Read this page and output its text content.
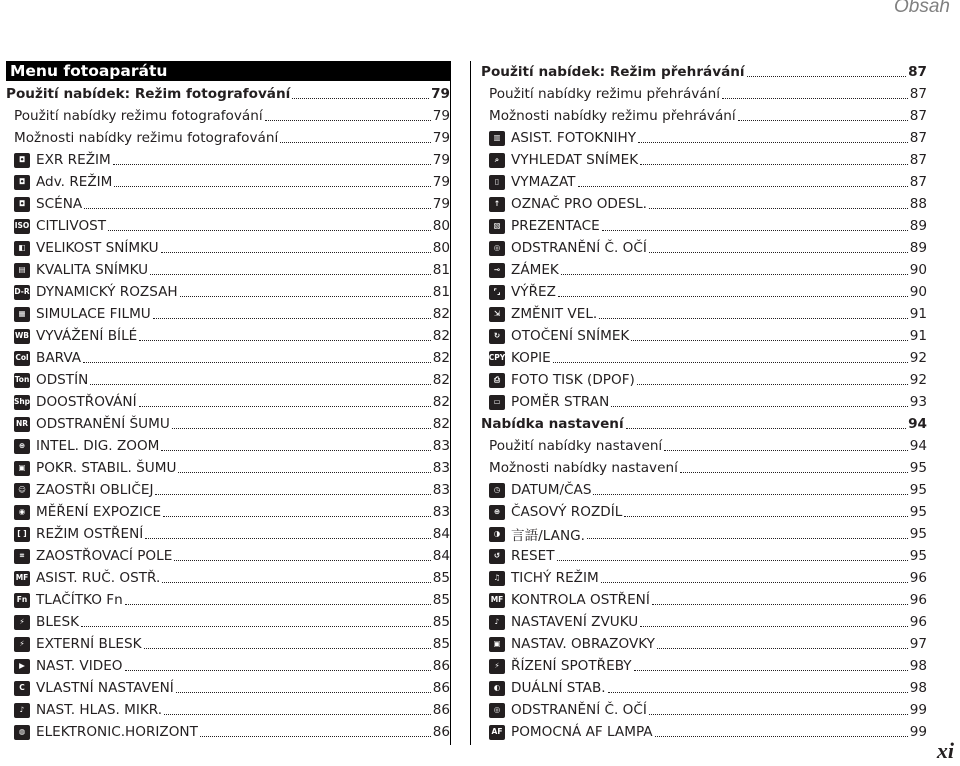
Obsah
Menu fotoaparátu
Použití nabídek: Režim fotografování	79
Použití nabídky režimu fotografování	79
Možnosti nabídky režimu fotografování	79
◘ EXR REŽIM	79
◘ Adv. REŽIM	79
◘ SCÉNA	79
ISO CITLIVOST	80
◧ VELIKOST SNÍMKU	80
▤ KVALITA SNÍMKU	81
D-R DYNAMICKÝ ROZSAH	81
▦ SIMULACE FILMU	82
WB VYVÁŽENÍ BÍLÉ	82
Col BARVA	82
Ton ODSTÍN	82
Shp DOOSTŘOVÁNÍ	82
NR ODSTRANĚNÍ ŠUMU	82
⊕ INTEL. DIG. ZOOM	83
▣ POKR. STABIL. ŠUMU	83
☺ ZAOSTŘI OBLIČEJ	83
◉ MĚŘENÍ EXPOZICE	83
[ ] REŽIM OSTŘENÍ	84
⌗ ZAOSTŘOVACÍ POLE	84
MF ASIST. RUČ. OSTŘ.	85
Fn TLAČÍTKO Fn	85
⚡ BLESK	85
⚡ EXTERNÍ BLESK	85
▶ NAST. VIDEO	86
C VLASTNÍ NASTAVENÍ	86
♪ NAST. HLAS. MIKR.	86
◍ ELEKTRONIC.HORIZONT	86
Použití nabídek: Režim přehrávání	87
Použití nabídky režimu přehrávání	87
Možnosti nabídky režimu přehrávání	87
▥ ASIST. FOTOKNIHY	87
⌕ VYHLEDAT SNÍMEK	87
▯ VYMAZAT	87
↑ OZNAČ PRO ODESL.	88
▧ PREZENTACE	89
◎ ODSTRANĚNÍ Č. OČÍ	89
⊸ ZÁMEK	90
⌜⌟ VÝŘEZ	90
⇲ ZMĚNIT VEL.	91
↻ OTOČENÍ SNÍMEK	91
CPY KOPIE	92
⎙ FOTO TISK (DPOF)	92
▭ POMĚR STRAN	93
Nabídka nastavení	94
Použití nabídky nastavení	94
Možnosti nabídky nastavení	95
◷ DATUM/ČAS	95
⊕ ČASOVÝ ROZDÍL	95
◑ 言語/LANG.	95
↺ RESET	95
♫ TICHÝ REŽIM	96
MF KONTROLA OSTŘENÍ	96
♪ NASTAVENÍ ZVUKU	96
▣ NASTAV. OBRAZOVKY	97
⚡ ŘÍZENÍ SPOTŘEBY	98
◐ DUÁLNÍ STAB.	98
◎ ODSTRANĚNÍ Č. OČÍ	99
AF POMOCNÁ AF LAMPA	99
xi
